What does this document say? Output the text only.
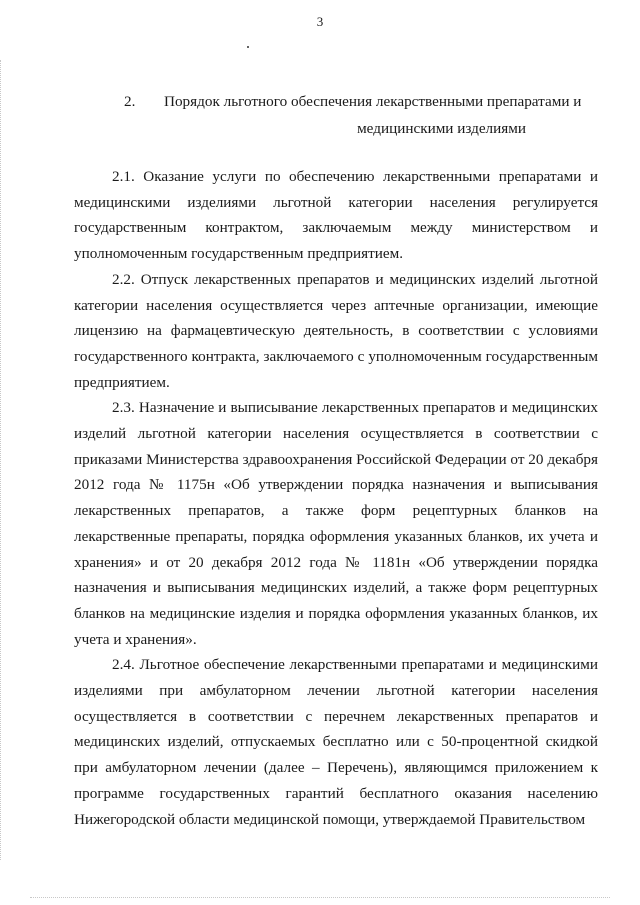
3
2. Порядок льготного обеспечения лекарственными препаратами и
медицинскими изделиями

2.1. Оказание услуги по обеспечению лекарственными препаратами и медицинскими изделиями льготной категории населения регулируется государственным контрактом, заключаемым между министерством и уполномоченным государственным предприятием.

2.2. Отпуск лекарственных препаратов и медицинских изделий льготной категории населения осуществляется через аптечные организации, имеющие лицензию на фармацевтическую деятельность, в соответствии с условиями государственного контракта, заключаемого с уполномоченным государственным предприятием.

2.3. Назначение и выписывание лекарственных препаратов и медицинских изделий льготной категории населения осуществляется в соответствии с приказами Министерства здравоохранения Российской Федерации от 20 декабря 2012 года № 1175н «Об утверждении порядка назначения и выписывания лекарственных препаратов, а также форм рецептурных бланков на лекарственные препараты, порядка оформления указанных бланков, их учета и хранения» и от 20 декабря 2012 года № 1181н «Об утверждении порядка назначения и выписывания медицинских изделий, а также форм рецептурных бланков на медицинские изделия и порядка оформления указанных бланков, их учета и хранения».

2.4. Льготное обеспечение лекарственными препаратами и медицинскими изделиями при амбулаторном лечении льготной категории населения осуществляется в соответствии с перечнем лекарственных препаратов и медицинских изделий, отпускаемых бесплатно или с 50-процентной скидкой при амбулаторном лечении (далее – Перечень), являющимся приложением к программе государственных гарантий бесплатного оказания населению Нижегородской области медицинской помощи, утверждаемой Правительством
